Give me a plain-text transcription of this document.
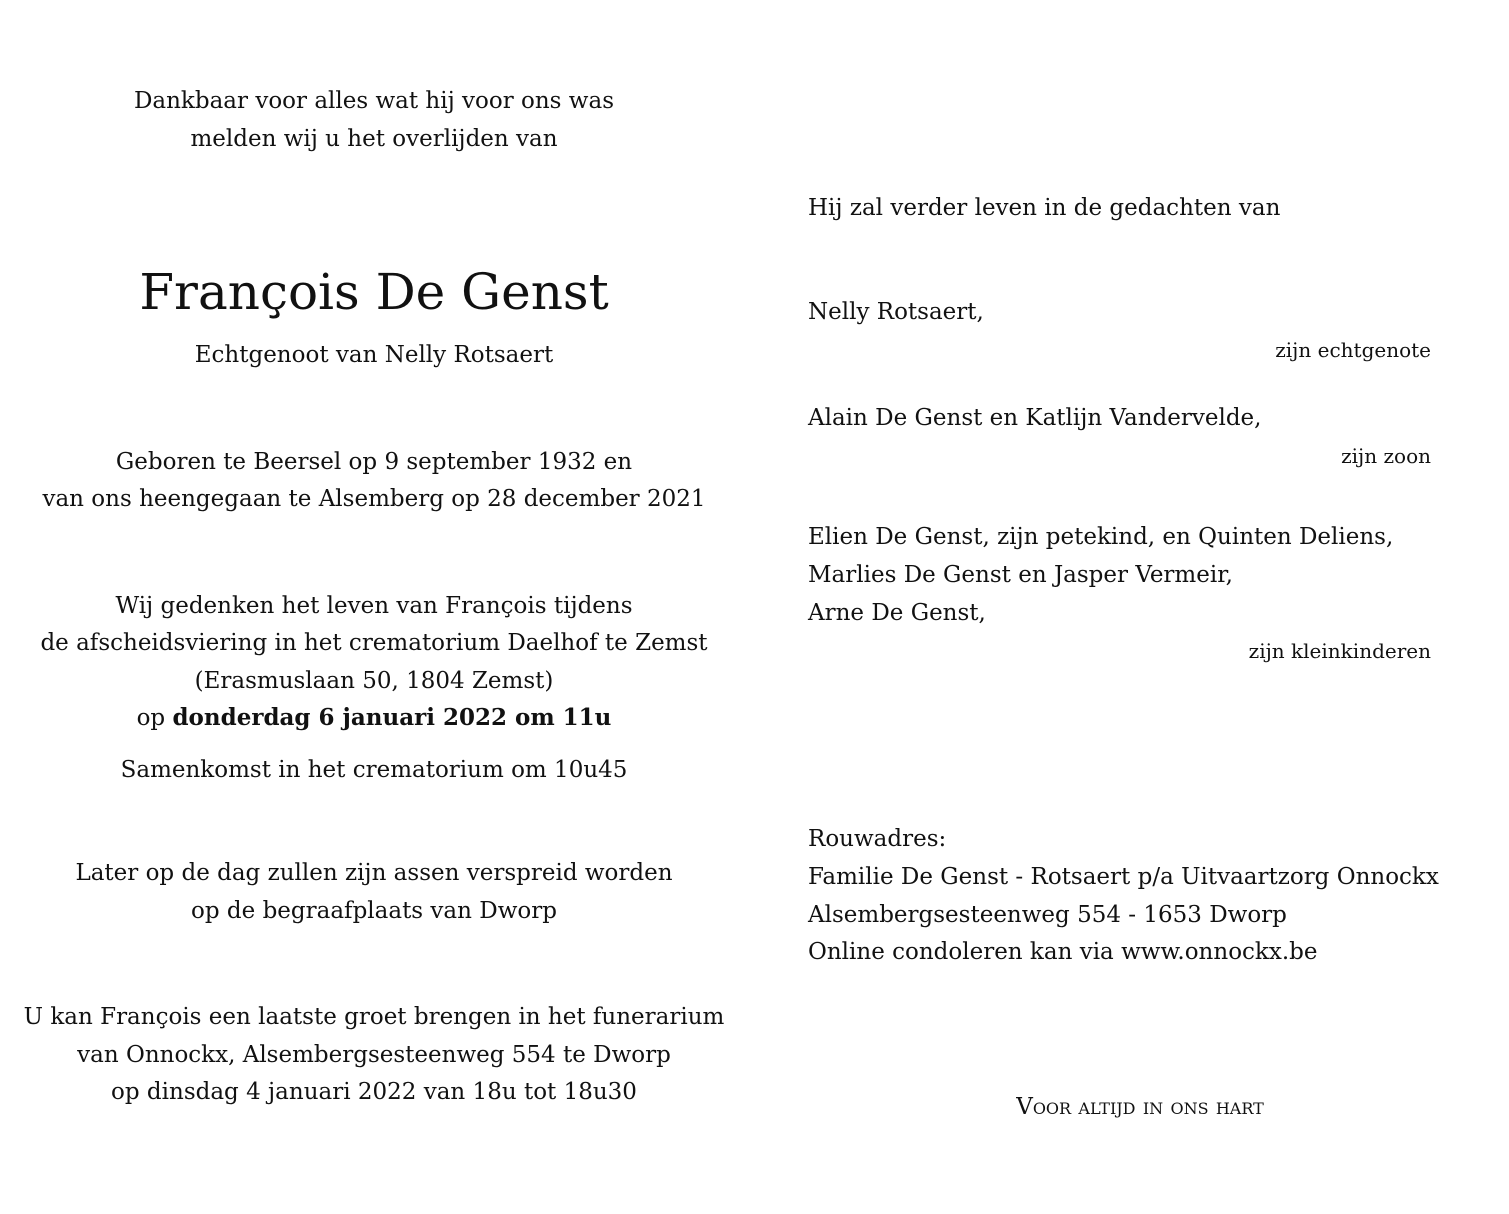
Dankbaar voor alles wat hij voor ons was
melden wij u het overlijden van
François De Genst
Echtgenoot van Nelly Rotsaert
Geboren te Beersel op 9 september 1932 en
van ons heengegaan te Alsemberg op 28 december 2021
Wij gedenken het leven van François tijdens
de afscheidsviering in het crematorium Daelhof te Zemst
(Erasmuslaan 50, 1804 Zemst)
op donderdag 6 januari 2022 om 11u
Samenkomst in het crematorium om 10u45
Later op de dag zullen zijn assen verspreid worden
op de begraafplaats van Dworp
U kan François een laatste groet brengen in het funerarium
van Onnockx, Alsembergsesteenweg 554 te Dworp
op dinsdag 4 januari 2022 van 18u tot 18u30
Hij zal verder leven in de gedachten van
Nelly Rotsaert,
zijn echtgenote
Alain De Genst en Katlijn Vandervelde,
zijn zoon
Elien De Genst, zijn petekind, en Quinten Deliens,
Marlies De Genst en Jasper Vermeir,
Arne De Genst,
zijn kleinkinderen
Rouwadres:
Familie De Genst - Rotsaert p/a Uitvaartzorg Onnockx
Alsembergsesteenweg 554 - 1653 Dworp
Online condoleren kan via www.onnockx.be
Voor altijd in ons hart
